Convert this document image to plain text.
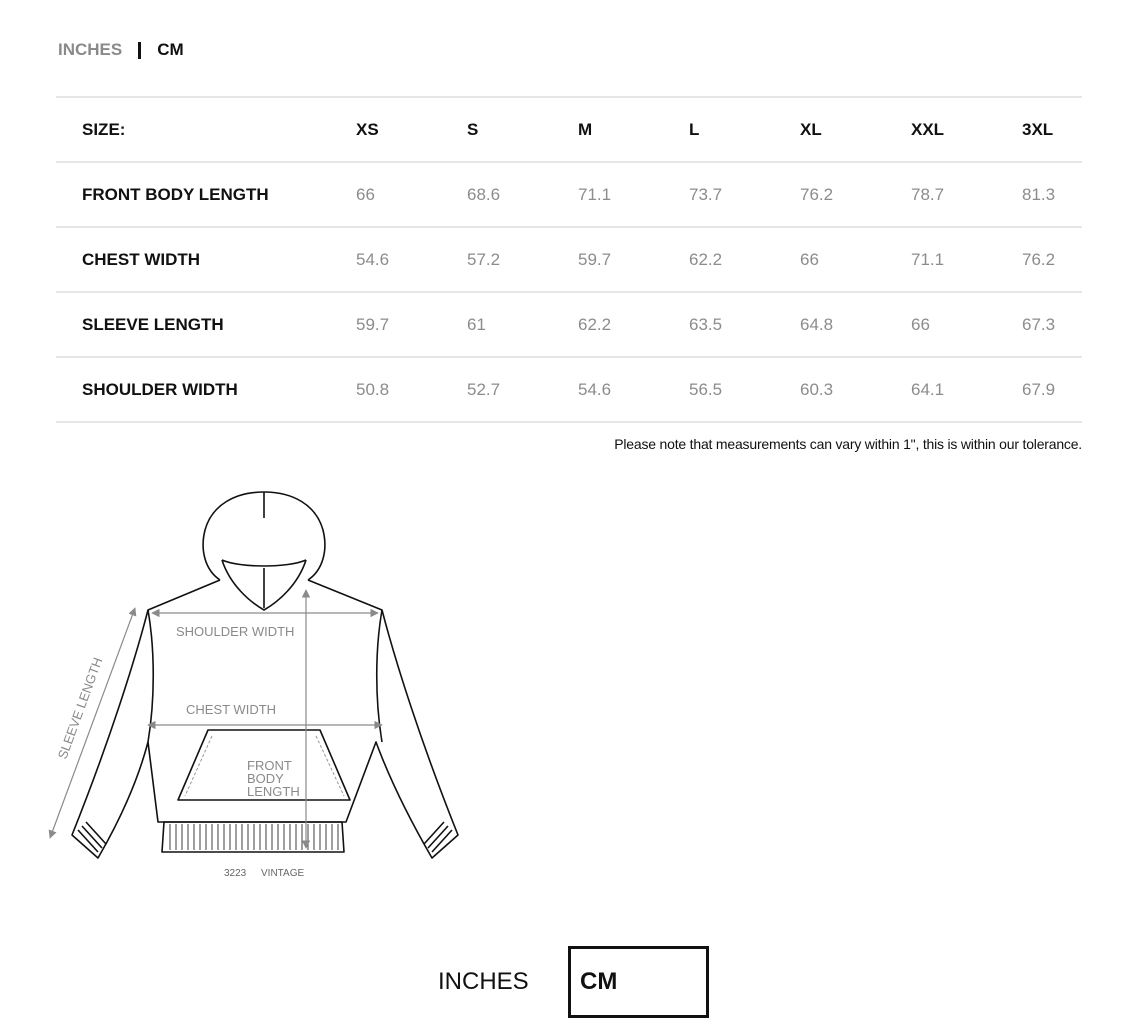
INCHES CM
SIZE:	XS	S	M	L	XL	XXL	3XL
FRONT BODY LENGTH	66	68.6	71.1	73.7	76.2	78.7	81.3
CHEST WIDTH	54.6	57.2	59.7	62.2	66	71.1	76.2
SLEEVE LENGTH	59.7	61	62.2	63.5	64.8	66	67.3
SHOULDER WIDTH	50.8	52.7	54.6	56.5	60.3	64.1	67.9
Please note that measurements can vary within 1", this is within our tolerance.
SHOULDER WIDTH
CHEST WIDTH
FRONT
BODY
LENGTH
SLEEVE LENGTH
3223 VINTAGE
INCHES	CM
